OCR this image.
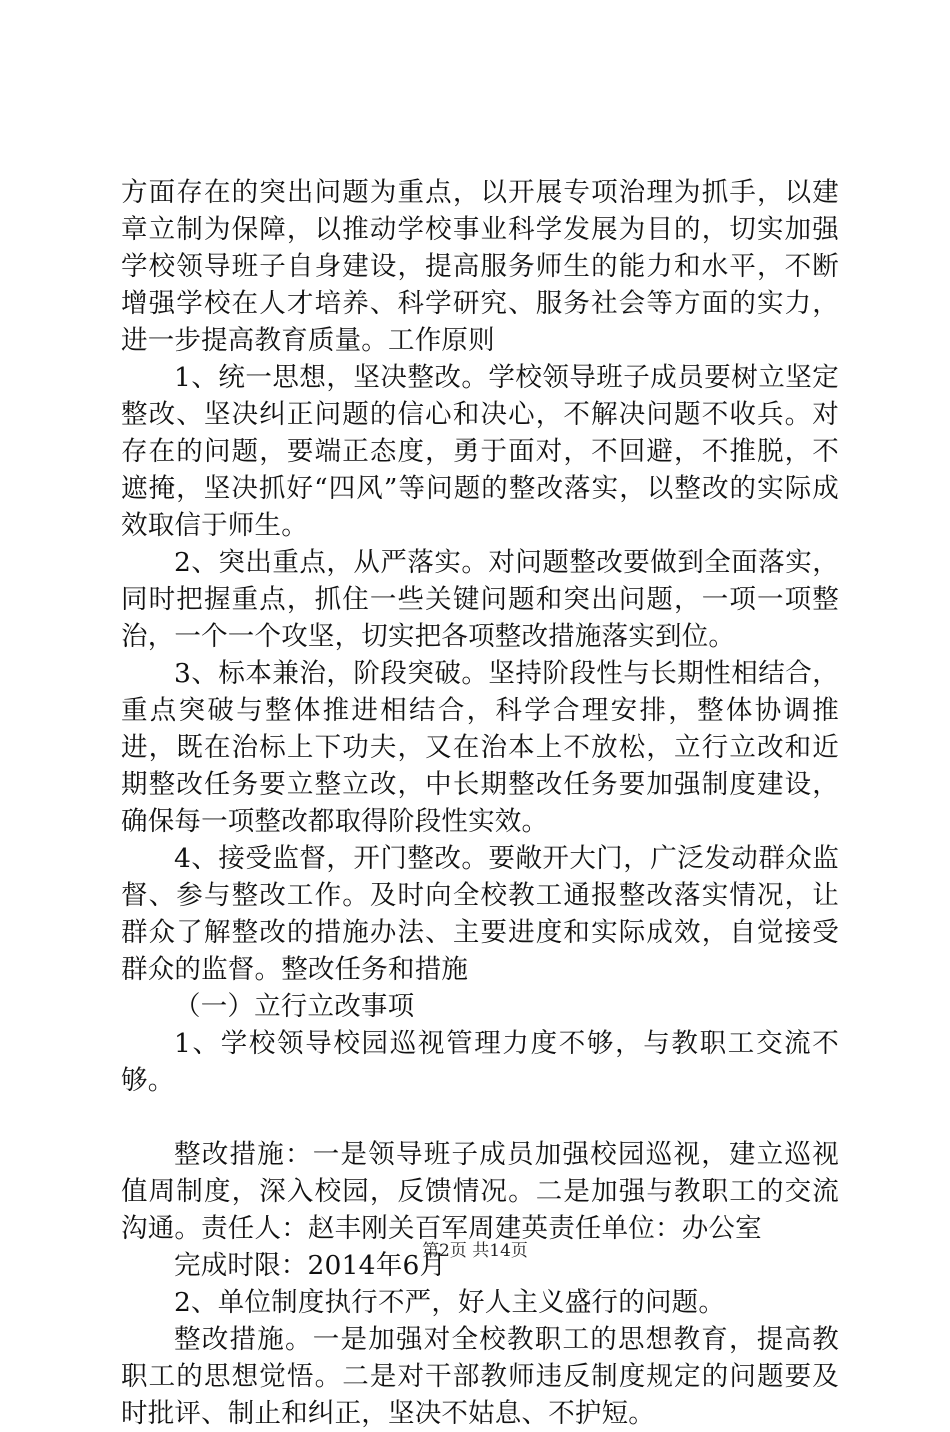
方面存在的突出问题为重点，以开展专项治理为抓手，以建章立制为保障，以推动学校事业科学发展为目的，切实加强学校领导班子自身建设，提高服务师生的能力和水平，不断增强学校在人才培养、科学研究、服务社会等方面的实力，进一步提高教育质量。工作原则

1、统一思想，坚决整改。学校领导班子成员要树立坚定整改、坚决纠正问题的信心和决心，不解决问题不收兵。对存在的问题，要端正态度，勇于面对，不回避，不推脱，不遮掩，坚决抓好“四风”等问题的整改落实，以整改的实际成效取信于师生。

2、突出重点，从严落实。对问题整改要做到全面落实，同时把握重点，抓住一些关键问题和突出问题，一项一项整治，一个一个攻坚，切实把各项整改措施落实到位。

3、标本兼治，阶段突破。坚持阶段性与长期性相结合，重点突破与整体推进相结合，科学合理安排，整体协调推进，既在治标上下功夫，又在治本上不放松，立行立改和近期整改任务要立整立改，中长期整改任务要加强制度建设，确保每一项整改都取得阶段性实效。

4、接受监督，开门整改。要敞开大门，广泛发动群众监督、参与整改工作。及时向全校教工通报整改落实情况，让群众了解整改的措施办法、主要进度和实际成效，自觉接受群众的监督。整改任务和措施

（一）立行立改事项

1、学校领导校园巡视管理力度不够，与教职工交流不够。

整改措施：一是领导班子成员加强校园巡视，建立巡视值周制度，深入校园，反馈情况。二是加强与教职工的交流沟通。责任人：赵丰刚关百军周建英责任单位：办公室

完成时限：2014年6月

2、单位制度执行不严，好人主义盛行的问题。

整改措施。一是加强对全校教职工的思想教育，提高教职工的思想觉悟。二是对干部教师违反制度规定的问题要及时批评、制止和纠正，坚决不姑息、不护短。

第2页 共14页
